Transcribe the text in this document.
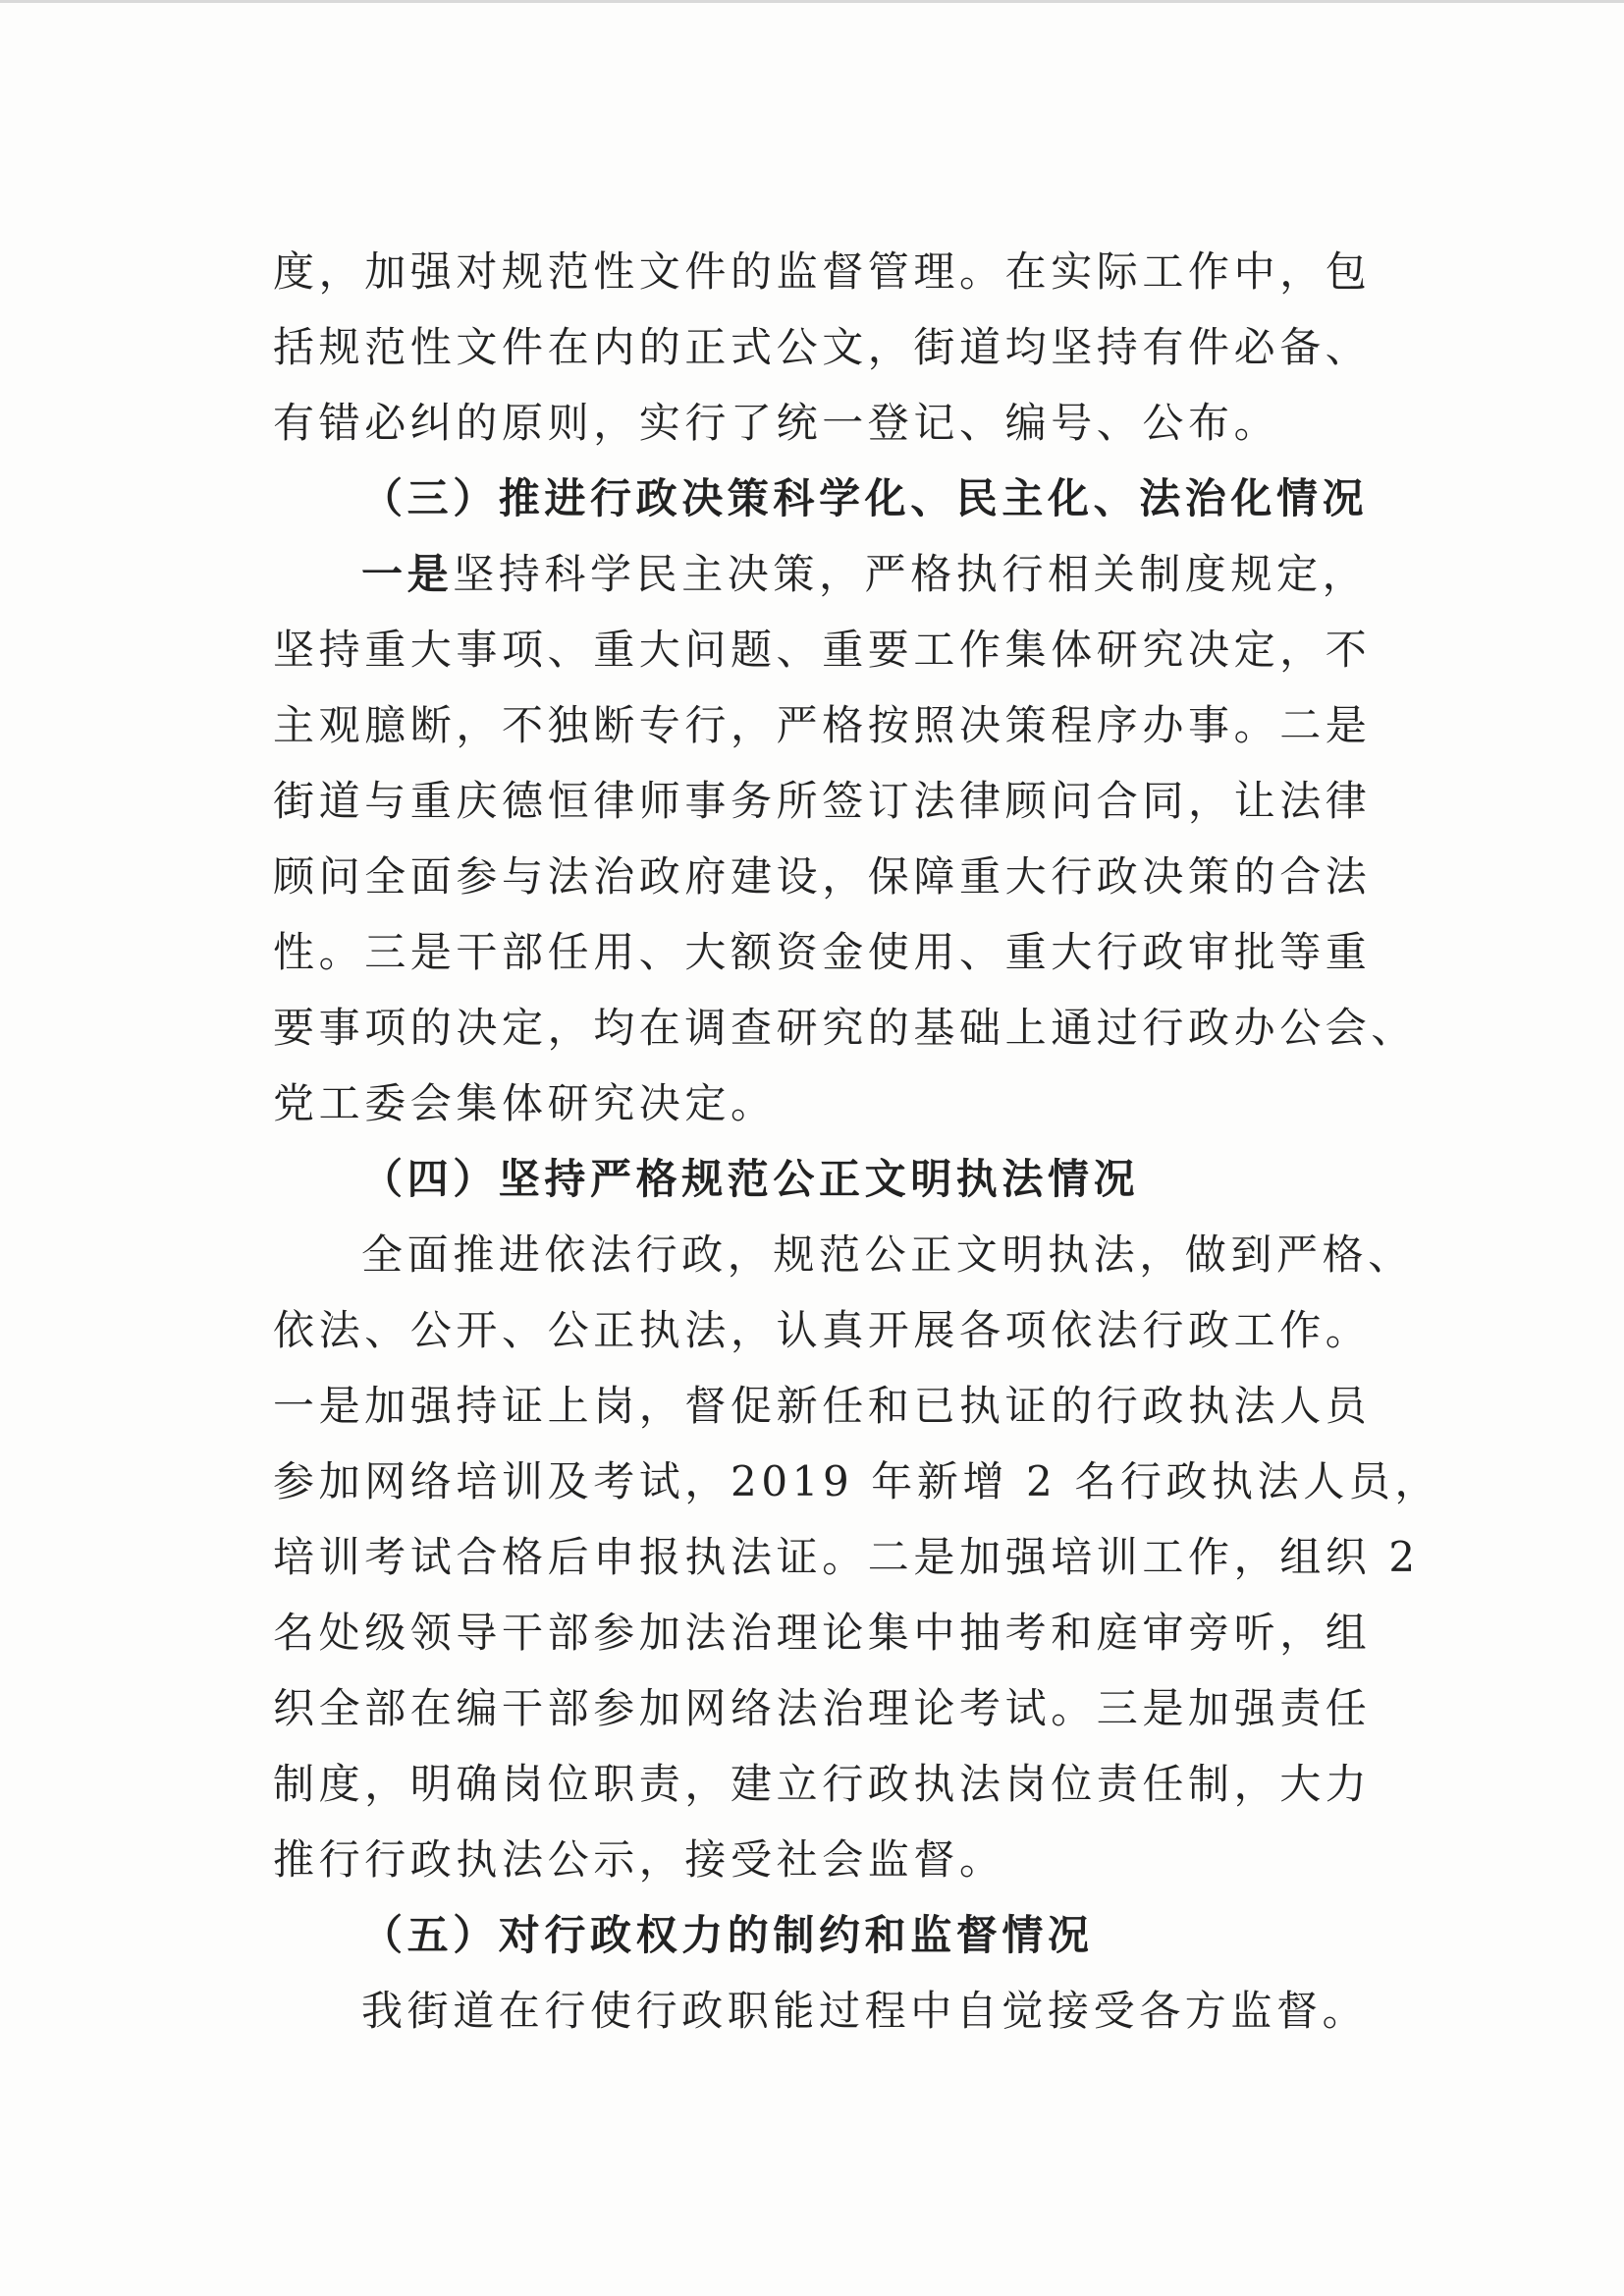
度，加强对规范性文件的监督管理。在实际工作中，包
括规范性文件在内的正式公文，街道均坚持有件必备、
有错必纠的原则，实行了统一登记、编号、公布。
（三）推进行政决策科学化、民主化、法治化情况
一是坚持科学民主决策，严格执行相关制度规定，
坚持重大事项、重大问题、重要工作集体研究决定，不
主观臆断，不独断专行，严格按照决策程序办事。二是
街道与重庆德恒律师事务所签订法律顾问合同，让法律
顾问全面参与法治政府建设，保障重大行政决策的合法
性。三是干部任用、大额资金使用、重大行政审批等重
要事项的决定，均在调查研究的基础上通过行政办公会、
党工委会集体研究决定。
（四）坚持严格规范公正文明执法情况
全面推进依法行政，规范公正文明执法，做到严格、
依法、公开、公正执法，认真开展各项依法行政工作。
一是加强持证上岗，督促新任和已执证的行政执法人员
参加网络培训及考试，2019 年新增 2 名行政执法人员，
培训考试合格后申报执法证。二是加强培训工作，组织 2
名处级领导干部参加法治理论集中抽考和庭审旁听，组
织全部在编干部参加网络法治理论考试。三是加强责任
制度，明确岗位职责，建立行政执法岗位责任制，大力
推行行政执法公示，接受社会监督。
（五）对行政权力的制约和监督情况
我街道在行使行政职能过程中自觉接受各方监督。
